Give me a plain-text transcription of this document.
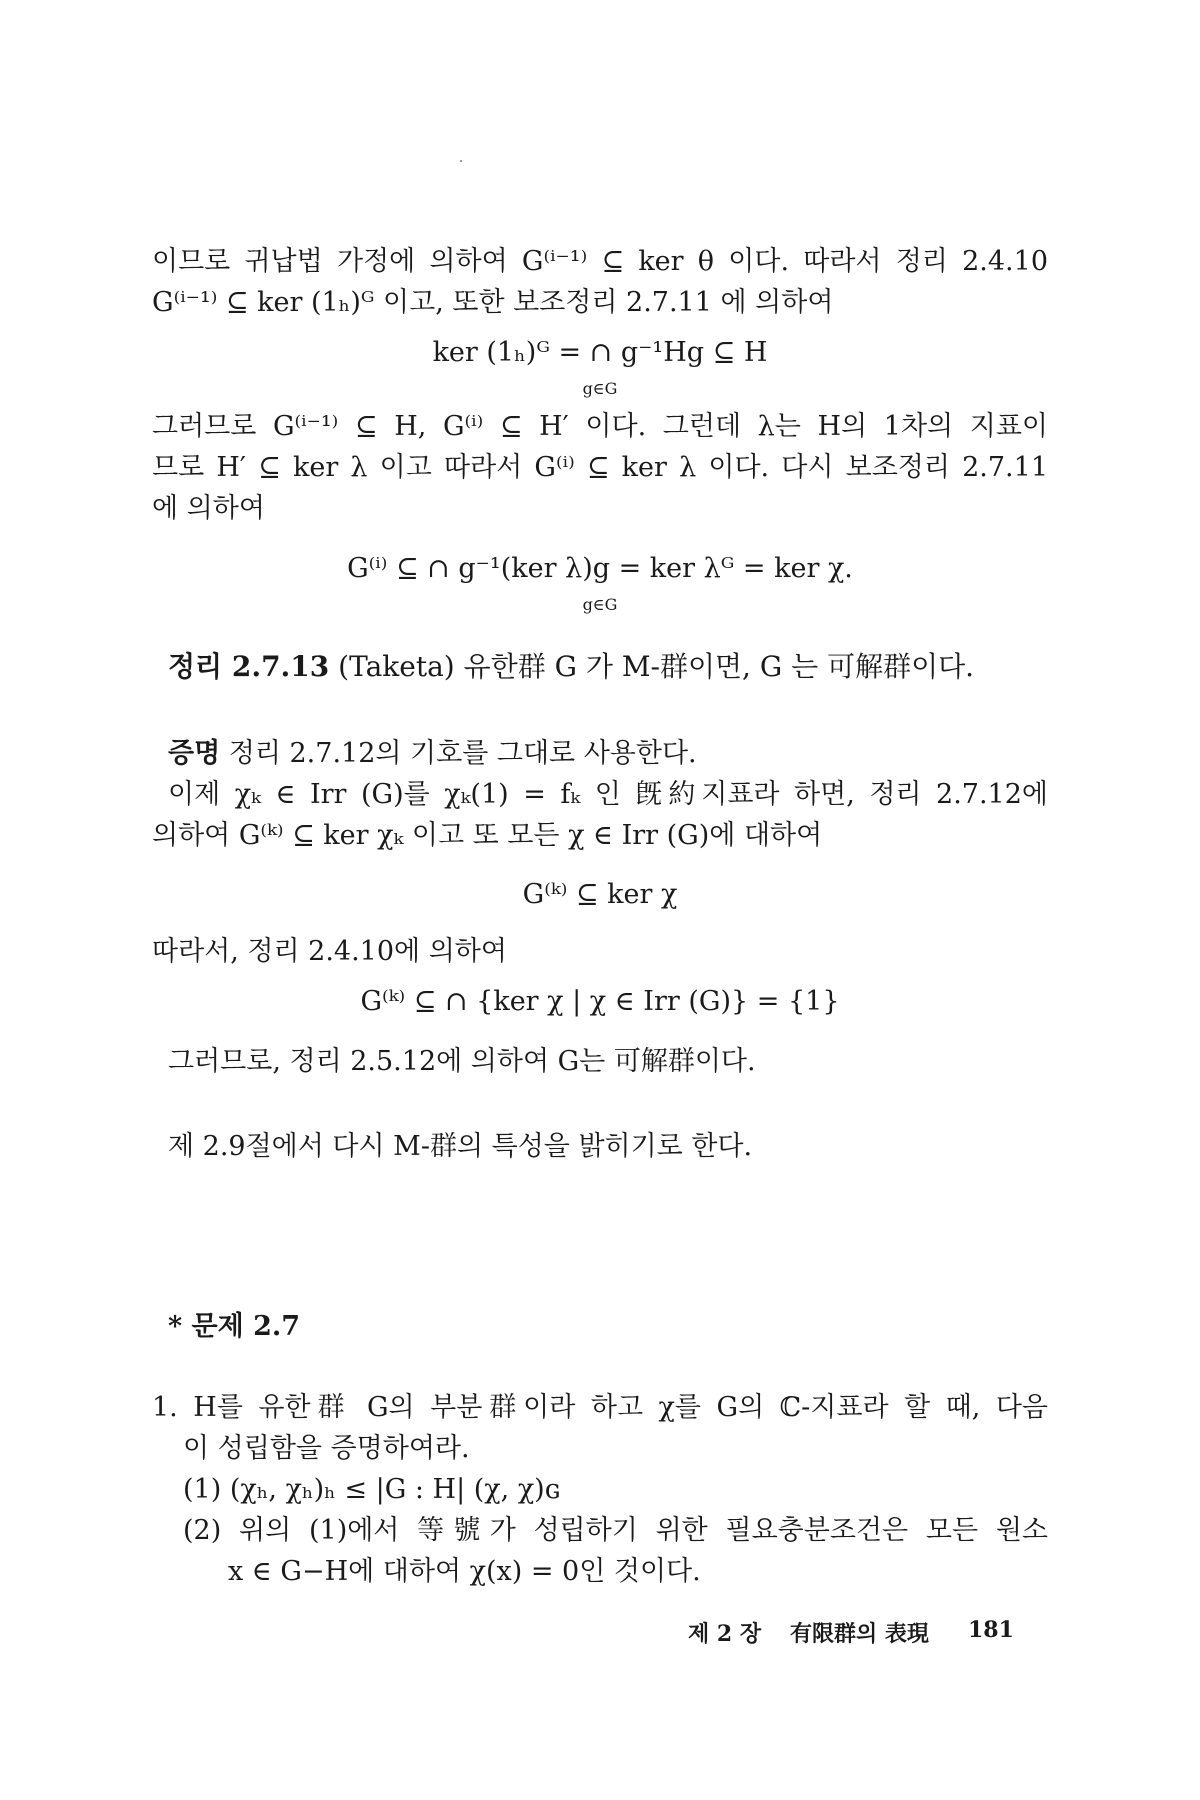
이므로 귀납법 가정에 의하여 G⁽ⁱ⁻¹⁾ ⊆ ker θ 이다. 따라서 정리 2.4.10
G⁽ⁱ⁻¹⁾ ⊆ ker (1ₕ)ᴳ 이고, 또한 보조정리 2.7.11 에 의하여
ker (1ₕ)ᴳ = ∩ g⁻¹Hg ⊆ H
g∈G
그러므로 G⁽ⁱ⁻¹⁾ ⊆ H, G⁽ⁱ⁾ ⊆ H′ 이다. 그런데 λ는 H의 1차의 지표이
므로 H′ ⊆ ker λ 이고 따라서 G⁽ⁱ⁾ ⊆ ker λ 이다. 다시 보조정리 2.7.11
에 의하여
G⁽ⁱ⁾ ⊆ ∩ g⁻¹(ker λ)g = ker λᴳ = ker χ.
g∈G
정리 2.7.13 (Taketa) 유한群 G 가 M-群이면, G 는 可解群이다.
증명 정리 2.7.12의 기호를 그대로 사용한다.
이제 χₖ ∈ Irr (G)를 χₖ(1) = fₖ 인 旣約지표라 하면, 정리 2.7.12에
의하여 G⁽ᵏ⁾ ⊆ ker χₖ 이고 또 모든 χ ∈ Irr (G)에 대하여
G⁽ᵏ⁾ ⊆ ker χ
따라서, 정리 2.4.10에 의하여
G⁽ᵏ⁾ ⊆ ∩ {ker χ | χ ∈ Irr (G)} = {1}
그러므로, 정리 2.5.12에 의하여 G는 可解群이다.
제 2.9절에서 다시 M-群의 특성을 밝히기로 한다.
* 문제 2.7
1. H를 유한群 G의 부분群이라 하고 χ를 G의 ℂ-지표라 할 때, 다음
이 성립함을 증명하여라.
(1) (χₕ, χₕ)ₕ ≤ |G : H| (χ, χ)ɢ
(2) 위의 (1)에서 等號가 성립하기 위한 필요충분조건은 모든 원소
x ∈ G−H에 대하여 χ(x) = 0인 것이다.
제 2 장 有限群의 表現 181
